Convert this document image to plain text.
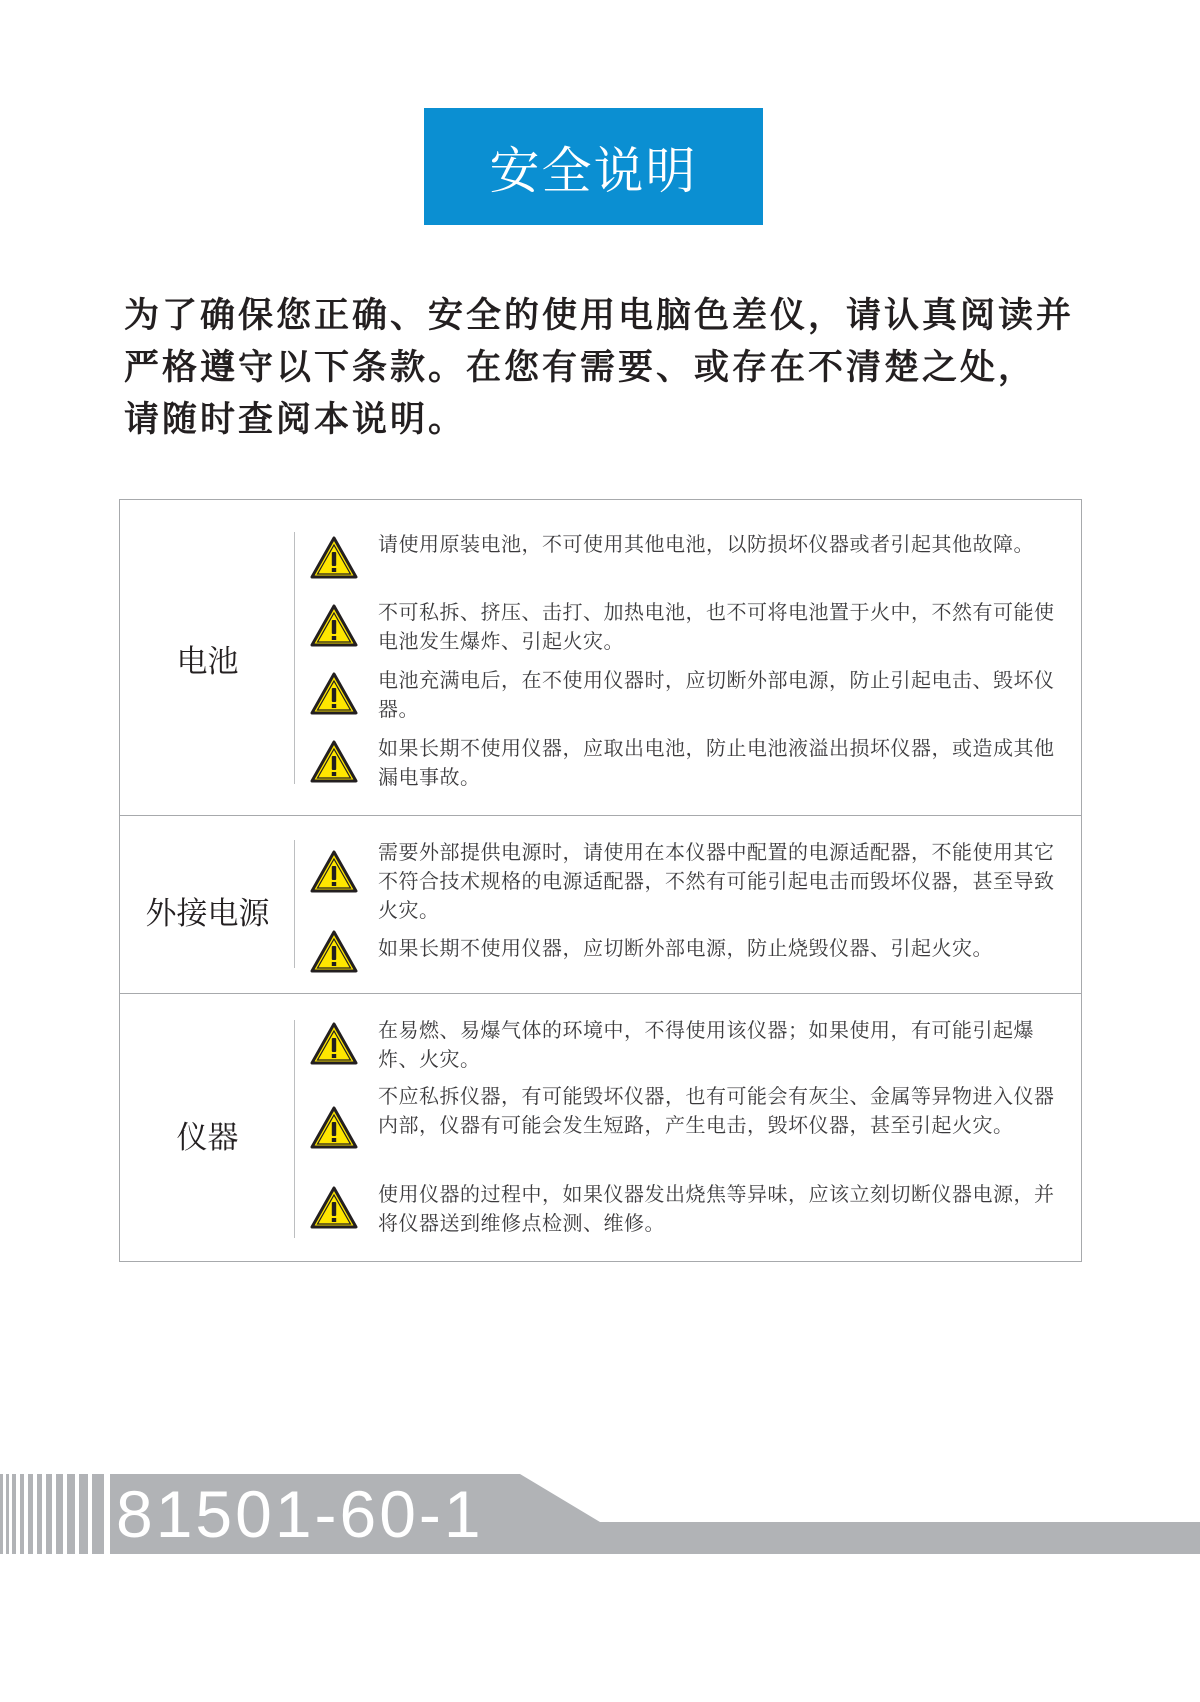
安全说明
为了确保您正确、安全的使用电脑色差仪，请认真阅读并
严格遵守以下条款。在您有需要、或存在不清楚之处，
请随时查阅本说明。
电池
请使用原装电池，不可使用其他电池，以防损坏仪器或者引起其他故障。
不可私拆、挤压、击打、加热电池，也不可将电池置于火中，不然有可能使电池发生爆炸、引起火灾。
电池充满电后，在不使用仪器时，应切断外部电源，防止引起电击、毁坏仪器。
如果长期不使用仪器，应取出电池，防止电池液溢出损坏仪器，或造成其他漏电事故。
外接电源
需要外部提供电源时，请使用在本仪器中配置的电源适配器，不能使用其它不符合技术规格的电源适配器，不然有可能引起电击而毁坏仪器，甚至导致火灾。
如果长期不使用仪器，应切断外部电源，防止烧毁仪器、引起火灾。
仪器
在易燃、易爆气体的环境中，不得使用该仪器；如果使用，有可能引起爆炸、火灾。
不应私拆仪器，有可能毁坏仪器，也有可能会有灰尘、金属等异物进入仪器内部，仪器有可能会发生短路，产生电击，毁坏仪器，甚至引起火灾。
使用仪器的过程中，如果仪器发出烧焦等异味，应该立刻切断仪器电源，并将仪器送到维修点检测、维修。
81501-60-1
